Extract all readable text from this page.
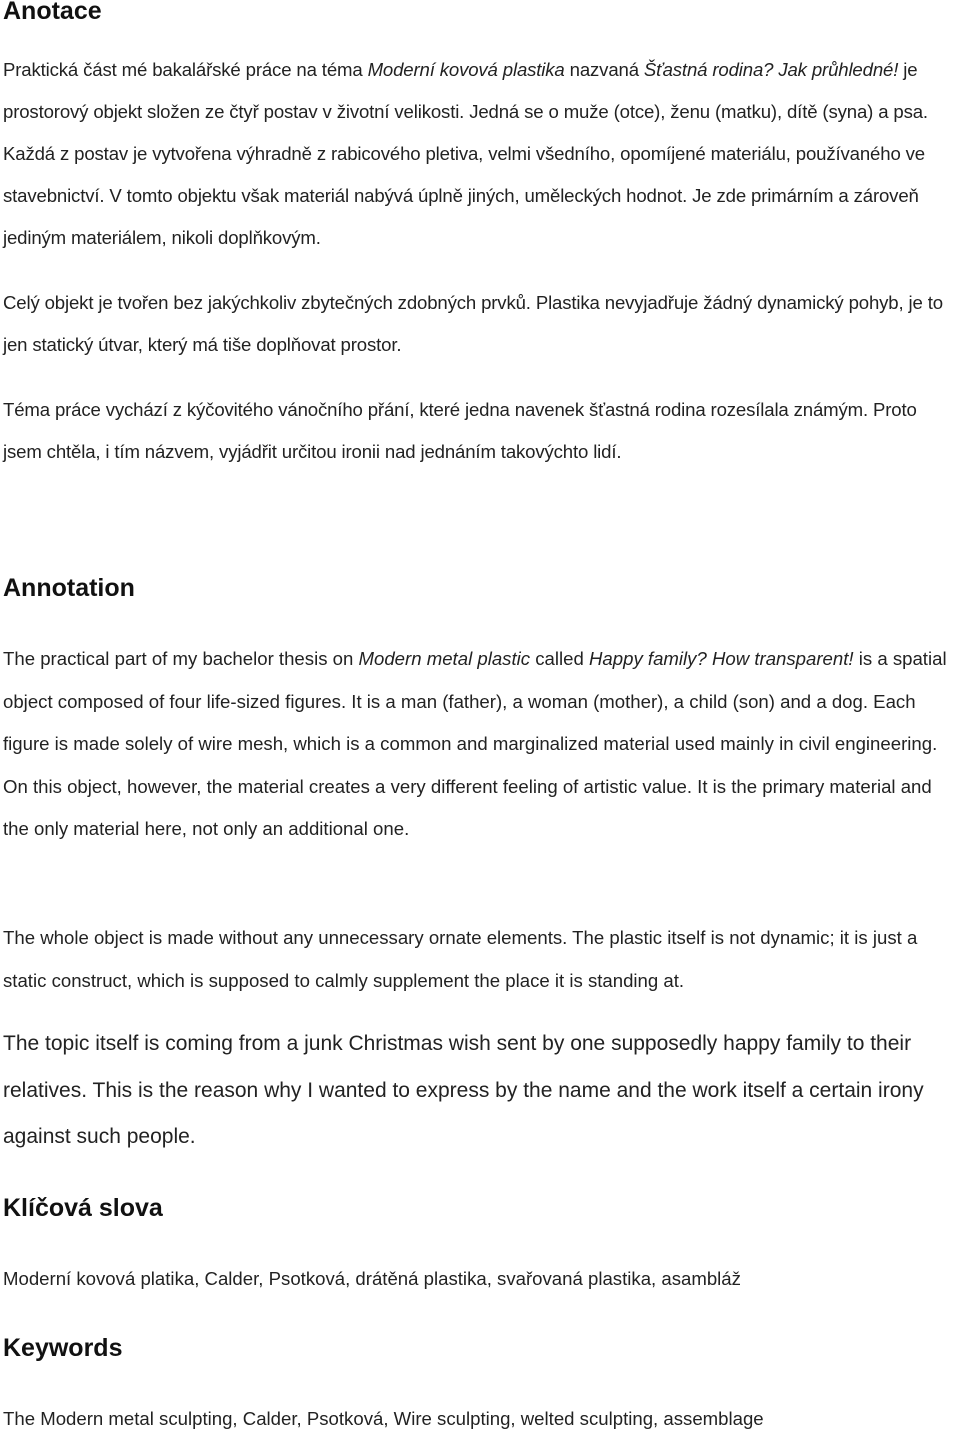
Anotace

Praktická část mé bakalářské práce na téma Moderní kovová plastika nazvaná Šťastná rodina? Jak průhledné! je prostorový objekt složen ze čtyř postav v životní velikosti. Jedná se o muže (otce), ženu (matku), dítě (syna) a psa. Každá z postav je vytvořena výhradně z rabicového pletiva, velmi všedního, opomíjené materiálu, používaného ve stavebnictví. V tomto objektu však materiál nabývá úplně jiných, uměleckých hodnot. Je zde primárním a zároveň jediným materiálem, nikoli doplňkovým.

Celý objekt je tvořen bez jakýchkoliv zbytečných zdobných prvků. Plastika nevyjadřuje žádný dynamický pohyb, je to jen statický útvar, který má tiše doplňovat prostor.

Téma práce vychází z kýčovitého vánočního přání, které jedna navenek šťastná rodina rozesílala známým. Proto jsem chtěla, i tím názvem, vyjádřit určitou ironii nad jednáním takovýchto lidí.

Annotation

The practical part of my bachelor thesis on Modern metal plastic called Happy family? How transparent! is a spatial object composed of four life-sized figures. It is a man (father), a woman (mother), a child (son) and a dog. Each figure is made solely of wire mesh, which is a common and marginalized material used mainly in civil engineering. On this object, however, the material creates a very different feeling of artistic value. It is the primary material and the only material here, not only an additional one.

The whole object is made without any unnecessary ornate elements. The plastic itself is not dynamic; it is just a static construct, which is supposed to calmly supplement the place it is standing at.

The topic itself is coming from a junk Christmas wish sent by one supposedly happy family to their relatives. This is the reason why I wanted to express by the name and the work itself a certain irony against such people.

Klíčová slova

Moderní kovová platika, Calder, Psotková, drátěná plastika, svařovaná plastika, asambláž

Keywords

The Modern metal sculpting, Calder, Psotková, Wire sculpting, welted sculpting, assemblage
